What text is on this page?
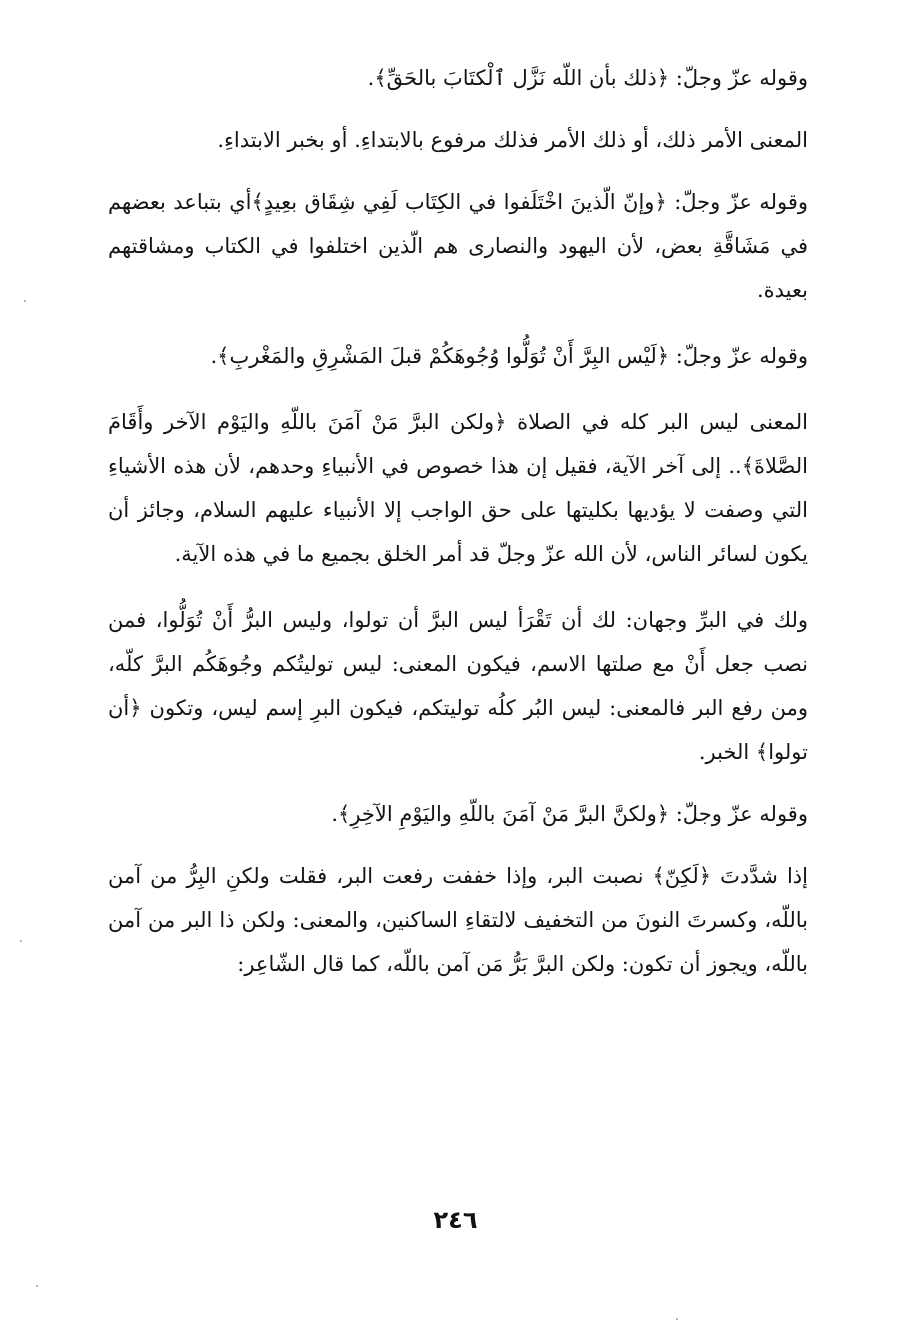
وقوله عزّ وجلّ: ﴿ذلك بأن اللّه نَزَّل ٱلْكتَابَ بالحَقِّ﴾.

المعنى الأمر ذلك، أو ذلك الأمر فذلك مرفوع بالابتداءِ. أو بخبر الابتداءِ.

وقوله عزّ وجلّ: ﴿وإنّ الّذينَ اخْتَلَفوا في الكِتَاب لَفِي شِقَاق بعِيدٍ﴾أي بتباعد بعضهم في مَشَاقَّةِ بعض، لأن اليهود والنصارى هم الّذين اختلفوا في الكتاب ومشاقتهم بعيدة.

وقوله عزّ وجلّ: ﴿لَيْس البِرَّ أَنْ تُوَلُّوا وُجُوهَكُمْ قبلَ المَشْرِقِ والمَغْربِ﴾.

المعنى ليس البر كله في الصلاة ﴿ولكن البرَّ مَنْ آمَنَ باللّهِ واليَوْم الآخر وأَقَامَ الصَّلاةَ﴾.. إلى آخر الآية، فقيل إن هذا خصوص في الأنبياءِ وحدهم، لأن هذه الأشياءِ التي وصفت لا يؤديها بكليتها على حق الواجب إلا الأنبياء عليهم السلام، وجائز أن يكون لسائر الناس، لأن الله عزّ وجلّ قد أمر الخلق بجميع ما في هذه الآية.

ولك في البرِّ وجهان: لك أن تَقْرَأ ليس البرَّ أن تولوا، وليس البرُّ أَنْ تُوَلُّوا، فمن نصب جعل أَنْ مع صلتها الاسم، فيكون المعنى: ليس توليتُكم وجُوهَكُم البرَّ كلّه، ومن رفع البر فالمعنى: ليس البُر كلُه توليتكم، فيكون البرِ إسم ليس، وتكون ﴿أن تولوا﴾ الخبر.

وقوله عزّ وجلّ: ﴿ولكنَّ البرَّ مَنْ آمَنَ باللّهِ واليَوْمِ الآخِرِ﴾.

إذا شدَّدتَ ﴿لَكِنّ﴾ نصبت البر، وإذا خففت رفعت البر، فقلت ولكنِ البِرُّ من آمن باللّه، وكسرتَ النونَ من التخفيف لالتقاءِ الساكنين، والمعنى: ولكن ذا البر من آمن باللّه، ويجوز أن تكون: ولكن البرَّ بَرُّ مَن آمن باللّه، كما قال الشّاعِر:

٢٤٦
